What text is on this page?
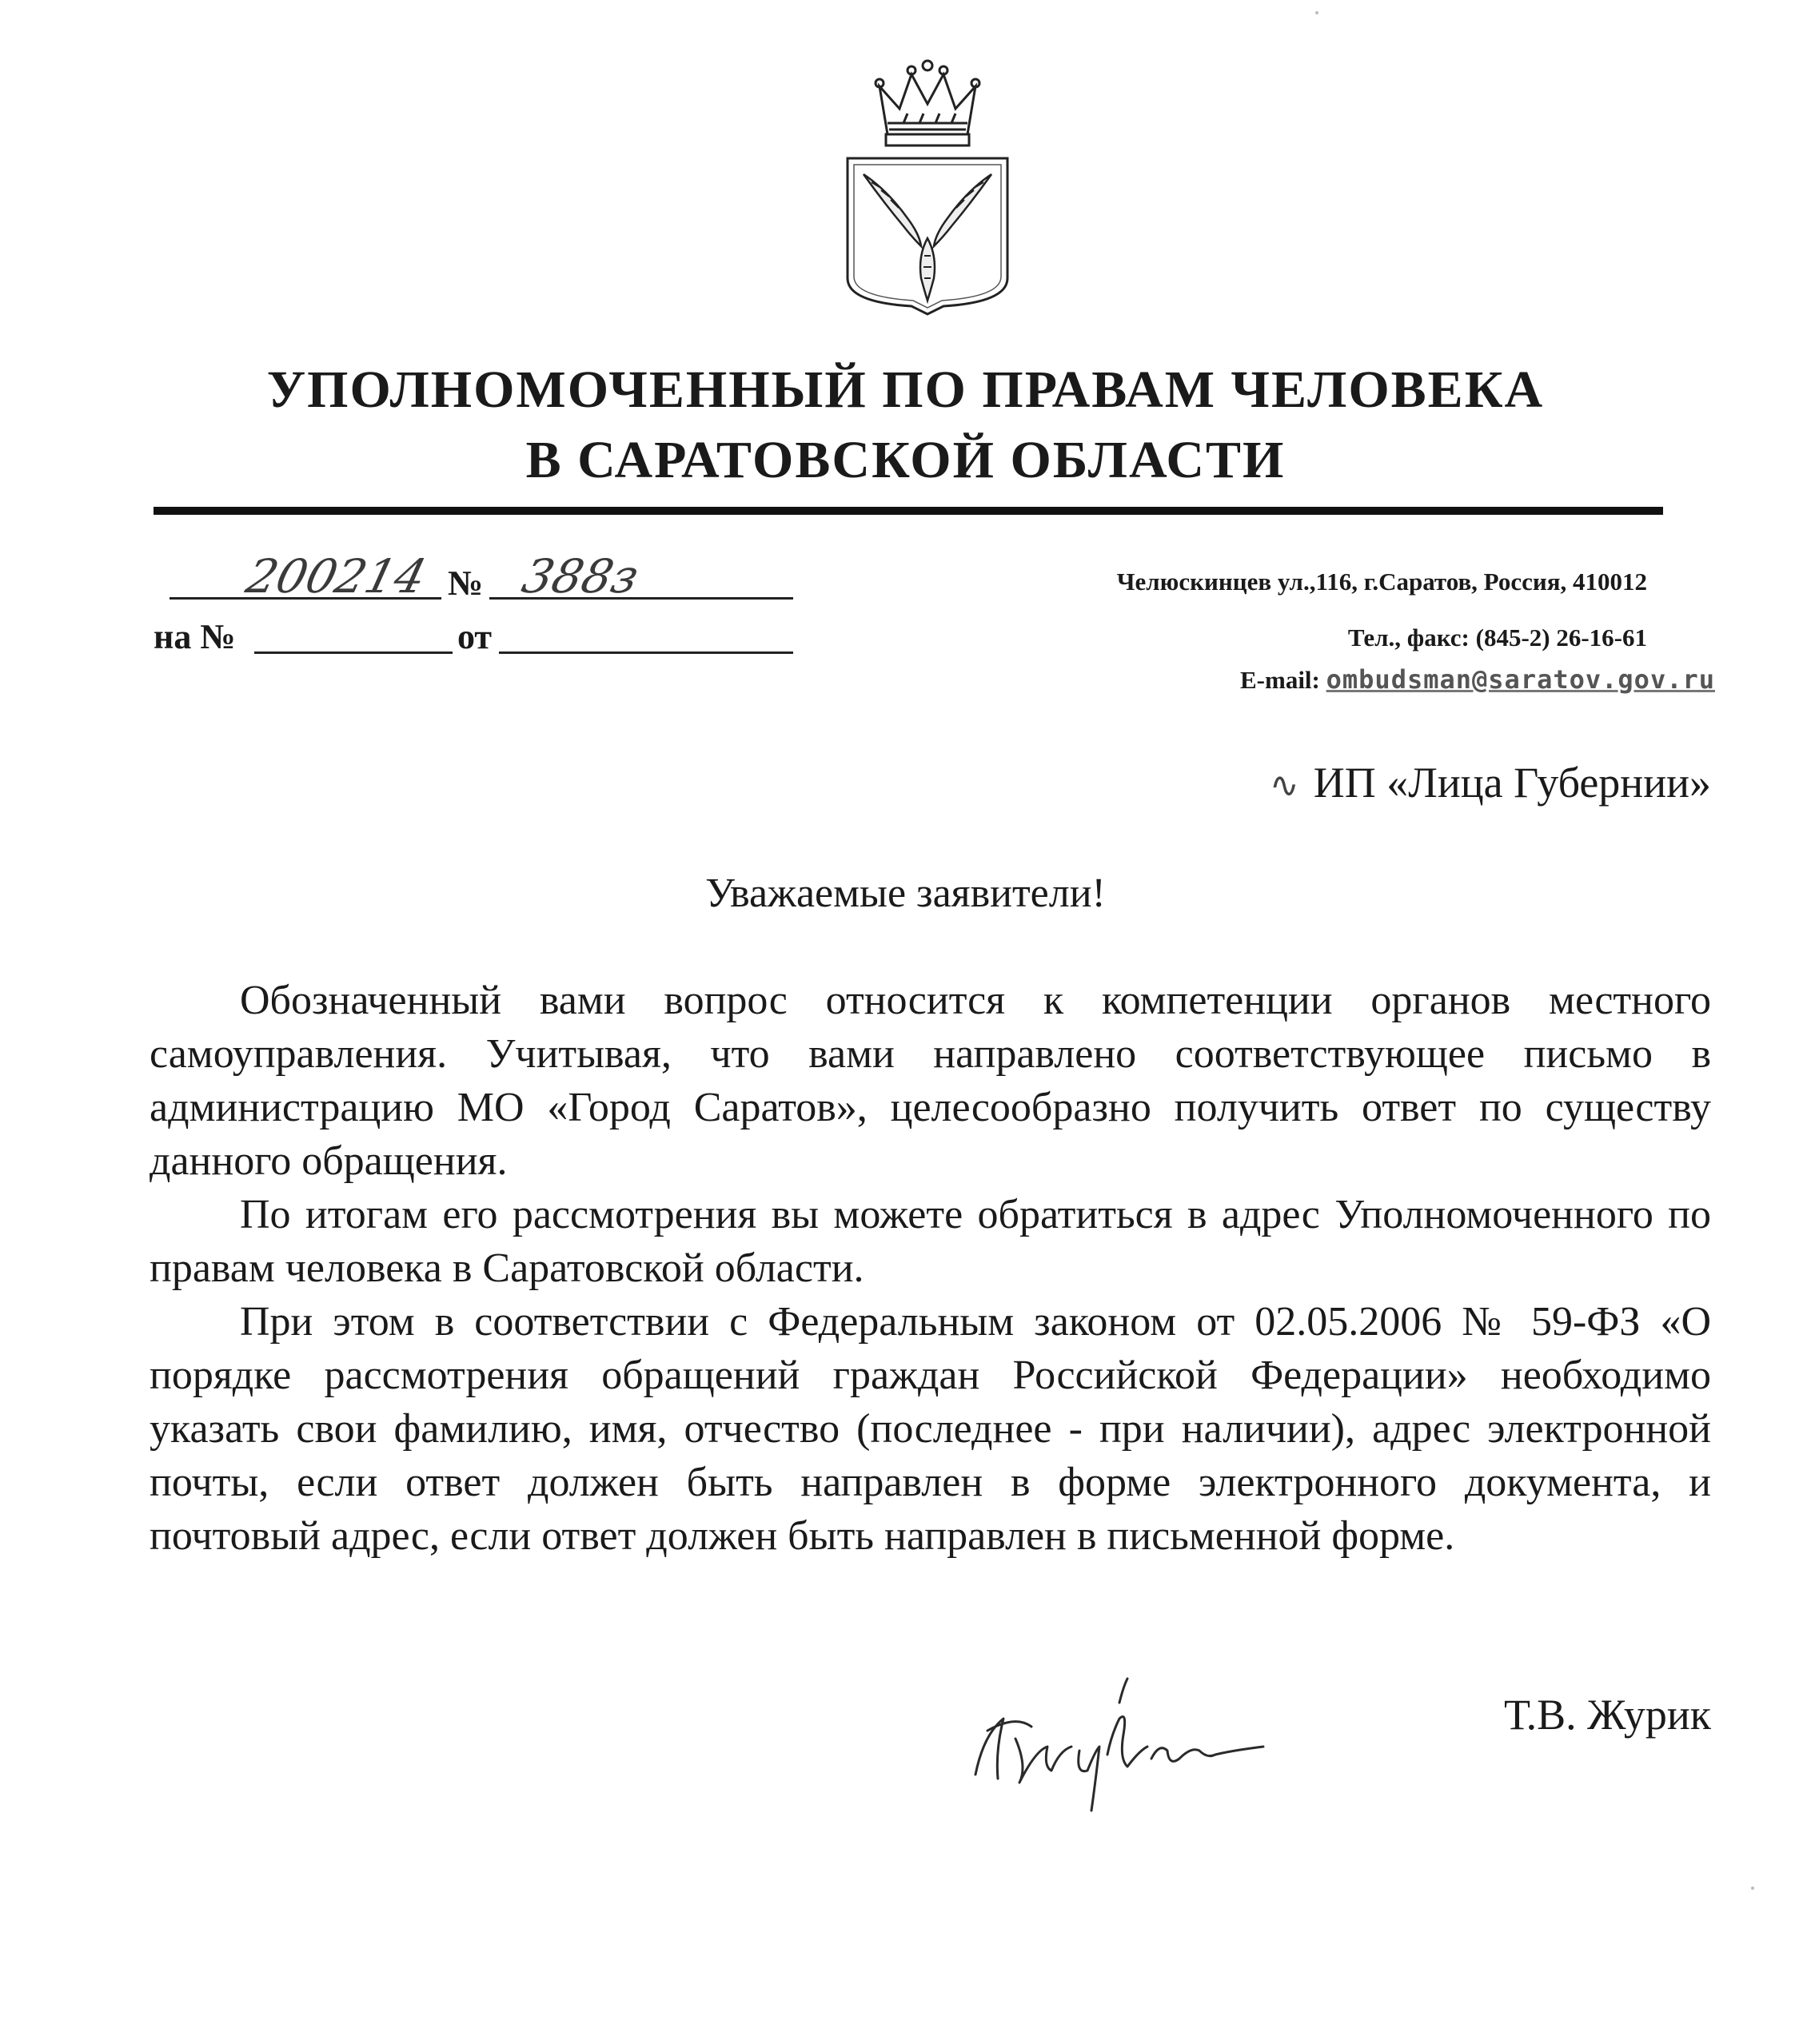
УПОЛНОМОЧЕННЫЙ ПО ПРАВАМ ЧЕЛОВЕКА
В САРАТОВСКОЙ ОБЛАСТИ
200214 № 388з
на №	от
Челюскинцев ул.,116, г.Саратов, Россия, 410012
Тел., факс: (845-2) 26-16-61
E-mail: ombudsman@saratov.gov.ru
∿ ИП «Лица Губернии»
Уважаемые заявители!

Обозначенный вами вопрос относится к компетенции органов местного самоуправления. Учитывая, что вами направлено соответствующее письмо в администрацию МО «Город Саратов», целесообразно получить ответ по существу данного обращения.

По итогам его рассмотрения вы можете обратиться в адрес Уполномоченного по правам человека в Саратовской области.

При этом в соответствии с Федеральным законом от 02.05.2006 № 59-ФЗ «О порядке рассмотрения обращений граждан Российской Федерации» необходимо указать свои фамилию, имя, отчество (последнее - при наличии), адрес электронной почты, если ответ должен быть направлен в форме электронного документа, и почтовый адрес, если ответ должен быть направлен в письменной форме.

Т.В. Журик
